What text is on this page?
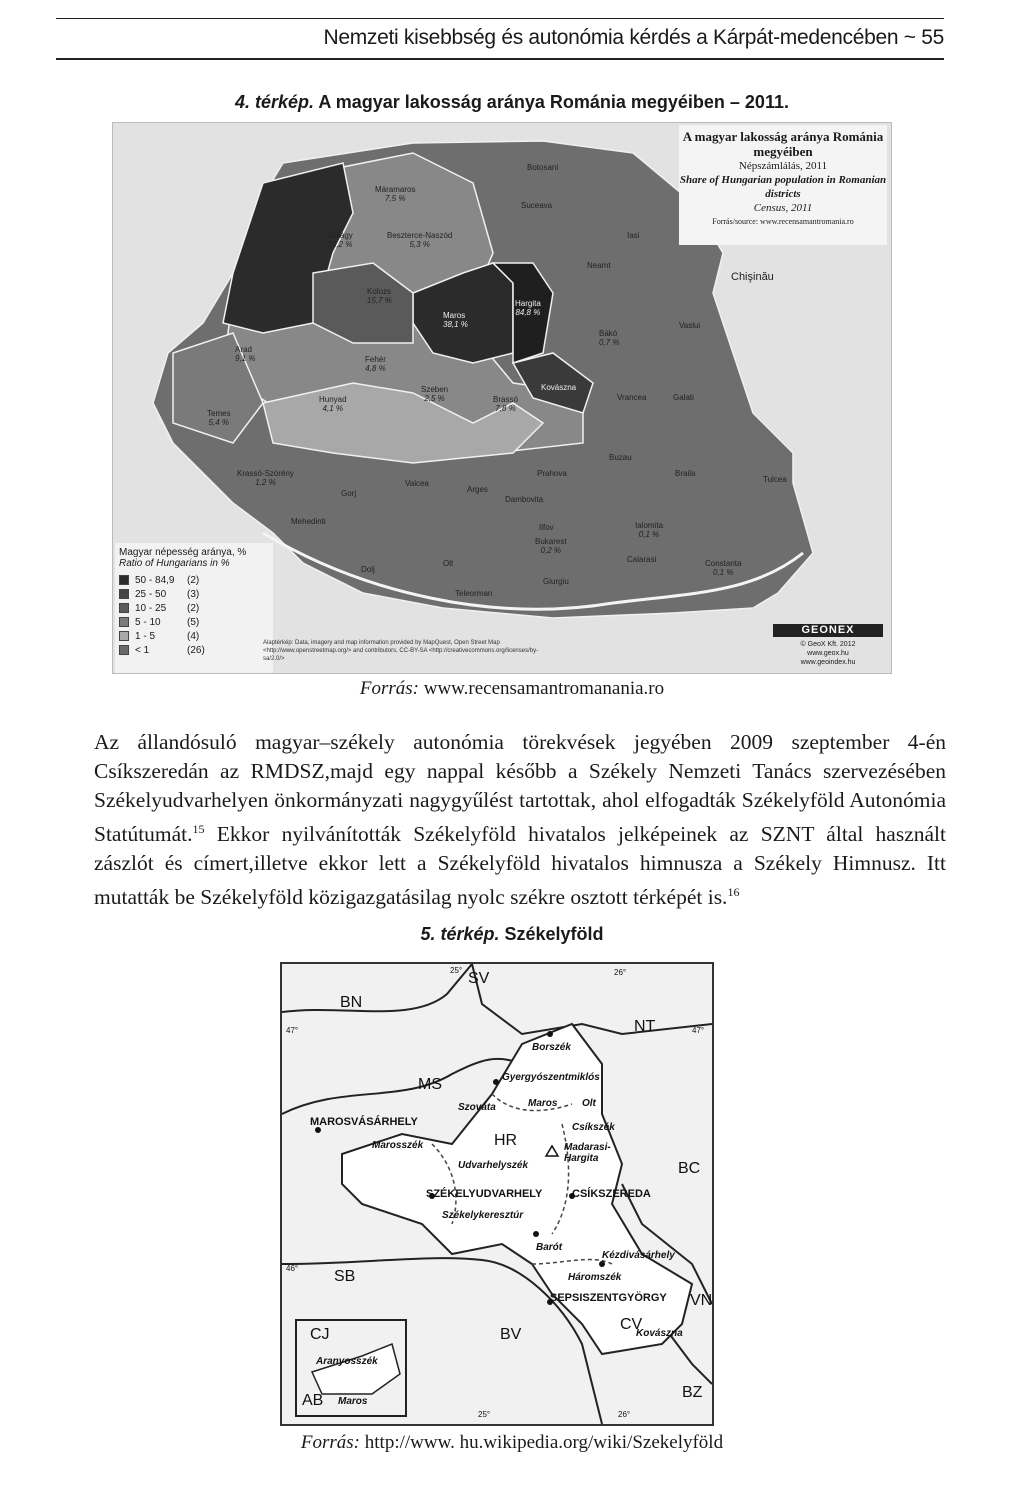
Nemzeti kisebbség és autonómia kérdés a Kárpát-medencében ~ 55
4. térkép. A magyar lakosság aránya Románia megyéiben – 2011.
A magyar lakosság aránya Románia megyéiben
Népszámlálás, 2011
Share of Hungarian population in Romanian districts
Census, 2011
Forrás/source: www.recensamantromania.ro
Magyar népesség aránya, %
Ratio of Hungarians in %
50 - 84,9	(2)
25 - 50	(3)
10 - 25	(2)
5 - 10	(5)
1 - 5	(4)
< 1	(26)
Máramaros
7,5 %
Suceava
Botosani
Beszterce-Naszód
5,3 %
Szilágy
23,2 %
Iasi
Neamt
Kolozs
15,7 %
Maros
38,1 %
Hargita
84,8 %
Bákó
0,7 %
Vaslui
Arad
9,1 %	Fehér
4,8 %
Hunyad
4,1 %
Szeben
2,5 %	Brassó
7,8 %
Kovászna
Vrancea	Galati
Temes
5,4 %
Krassó-Szörény
1,2 %
Gorj
Valcea
Arges
Prahova
Dambovita
Buzau
Braila
Tulcea
Mehedinti
Dolj
Olt
Ilfov
Bukarest
0,2 %
Ialomita
0,1 %
Calarasi
Teleorman
Giurgiu
Constanta
0,1 %
Chişinău
Alaptérkép: Data, imagery and map information provided by MapQuest, Open Street Map <http://www.openstreetmap.org/> and contributors, CC-BY-SA <http://creativecommons.org/licenses/by-sa/2.0/>
GEONEX
© GeoX Kft. 2012
www.geox.hu
www.geoindex.hu
Forrás: www.recensamantromanania.ro

Az állandósuló magyar–székely autonómia törekvések jegyében 2009 szeptember 4-én Csíkszeredán az RMDSZ,majd egy nappal később a Székely Nemzeti Tanács szervezésében Székelyudvarhelyen önkormányzati nagygyűlést tartottak, ahol elfogadták Székelyföld Autonómia Statútumát.$^{15}$ Ekkor nyilvánították Székelyföld hivatalos jelképeinek az SZNT által használt zászlót és címert,illetve ekkor lett a Székelyföld hivatalos himnusza a Székely Himnusz. Itt mutatták be Székelyföld közigazgatásilag nyolc székre osztott térképét is.$^{16}$

5. térkép. Székelyföld
SV
BN
NT
MS
HR
BC
SB
BV
VN
BZ
CJ
AB
CV
Borszék
Gyergyószentmiklós
Maros Olt
Szováta
Csíkszék
MAROSVÁSÁRHELY
Marosszék	Madarasi-Hargita
Udvarhelyszék
SZÉKELYUDVARHELY	CSÍKSZEREDA
Székelykeresztúr
Barót
Kézdivásárhely
Háromszék
SEPSISZENTGYÖRGY
Kovászna
Aranyosszék
Maros
25°	26°
47°	47°
46°
25°	26°
Forrás: http://www. hu.wikipedia.org/wiki/Szekelyföld
